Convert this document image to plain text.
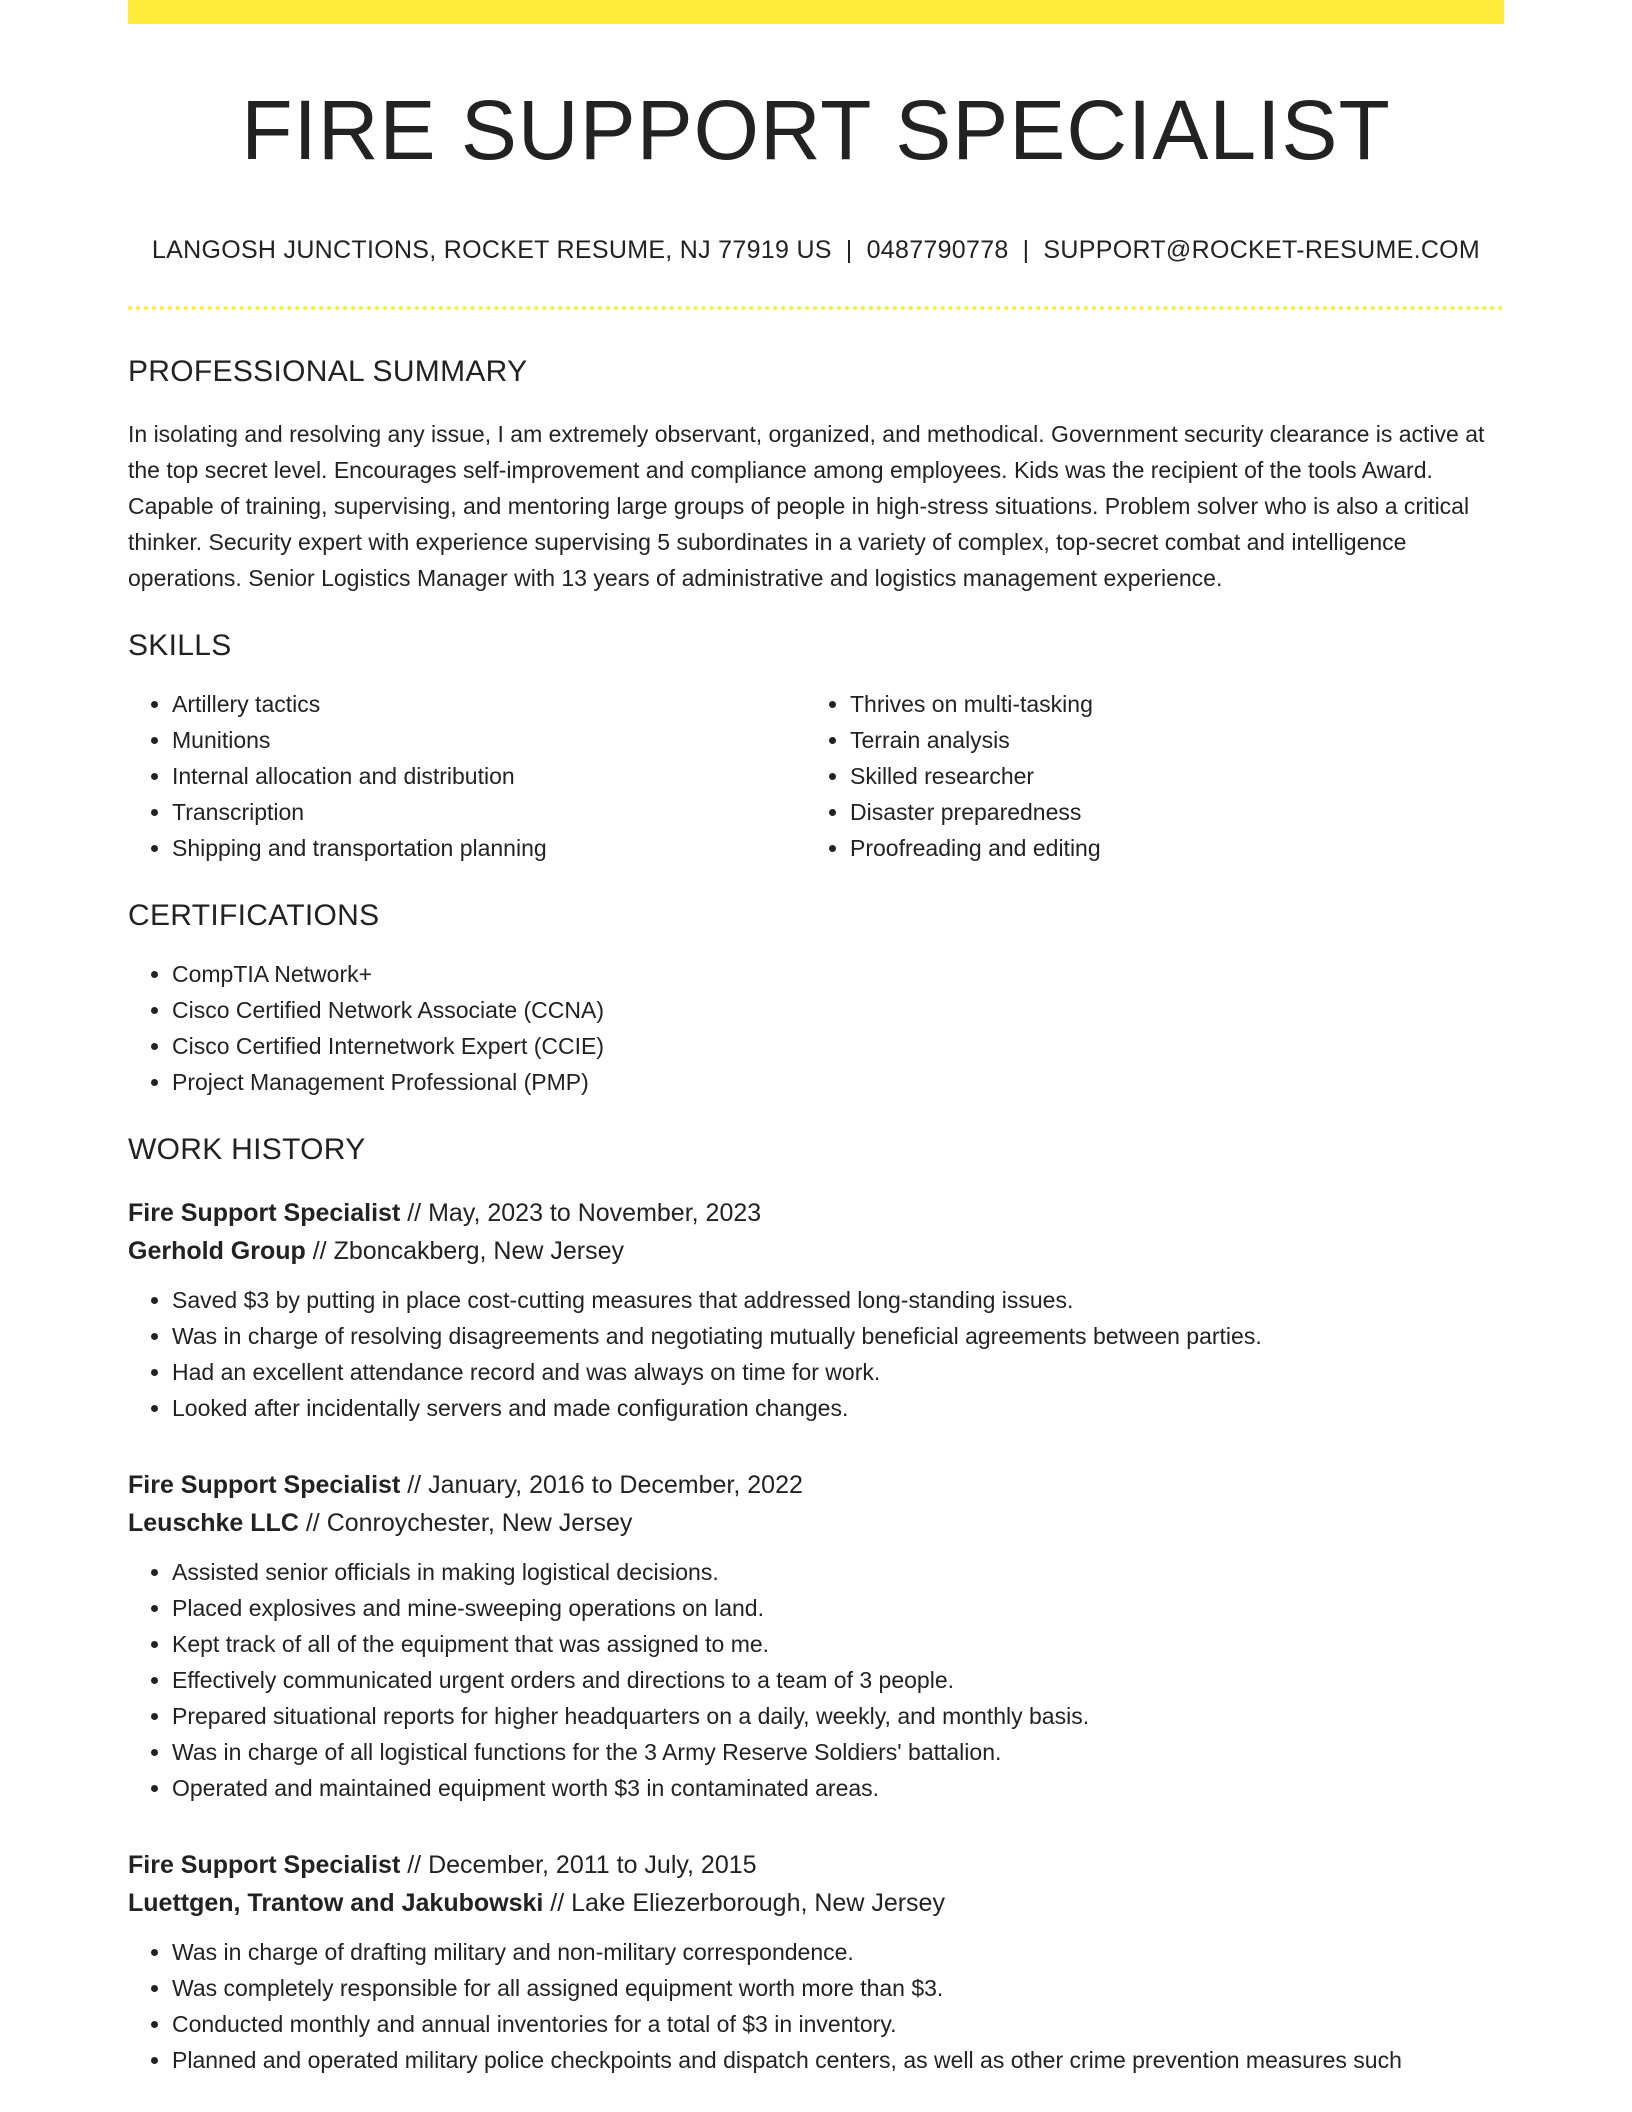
FIRE SUPPORT SPECIALIST
LANGOSH JUNCTIONS, ROCKET RESUME, NJ 77919 US | 0487790778 | SUPPORT@ROCKET-RESUME.COM
PROFESSIONAL SUMMARY

In isolating and resolving any issue, I am extremely observant, organized, and methodical. Government security clearance is active at the top secret level. Encourages self-improvement and compliance among employees. Kids was the recipient of the tools Award. Capable of training, supervising, and mentoring large groups of people in high-stress situations. Problem solver who is also a critical thinker. Security expert with experience supervising 5 subordinates in a variety of complex, top-secret combat and intelligence operations. Senior Logistics Manager with 13 years of administrative and logistics management experience.

SKILLS
• Artillery tactics
• Munitions
• Internal allocation and distribution
• Transcription
• Shipping and transportation planning
• Thrives on multi-tasking
• Terrain analysis
• Skilled researcher
• Disaster preparedness
• Proofreading and editing
CERTIFICATIONS
• CompTIA Network+
• Cisco Certified Network Associate (CCNA)
• Cisco Certified Internetwork Expert (CCIE)
• Project Management Professional (PMP)
WORK HISTORY
Fire Support Specialist // May, 2023 to November, 2023
Gerhold Group // Zboncakberg, New Jersey
• Saved $3 by putting in place cost-cutting measures that addressed long-standing issues.
• Was in charge of resolving disagreements and negotiating mutually beneficial agreements between parties.
• Had an excellent attendance record and was always on time for work.
• Looked after incidentally servers and made configuration changes.
Fire Support Specialist // January, 2016 to December, 2022
Leuschke LLC // Conroychester, New Jersey
• Assisted senior officials in making logistical decisions.
• Placed explosives and mine-sweeping operations on land.
• Kept track of all of the equipment that was assigned to me.
• Effectively communicated urgent orders and directions to a team of 3 people.
• Prepared situational reports for higher headquarters on a daily, weekly, and monthly basis.
• Was in charge of all logistical functions for the 3 Army Reserve Soldiers' battalion.
• Operated and maintained equipment worth $3 in contaminated areas.
Fire Support Specialist // December, 2011 to July, 2015
Luettgen, Trantow and Jakubowski // Lake Eliezerborough, New Jersey
• Was in charge of drafting military and non-military correspondence.
• Was completely responsible for all assigned equipment worth more than $3.
• Conducted monthly and annual inventories for a total of $3 in inventory.
• Planned and operated military police checkpoints and dispatch centers, as well as other crime prevention measures such
